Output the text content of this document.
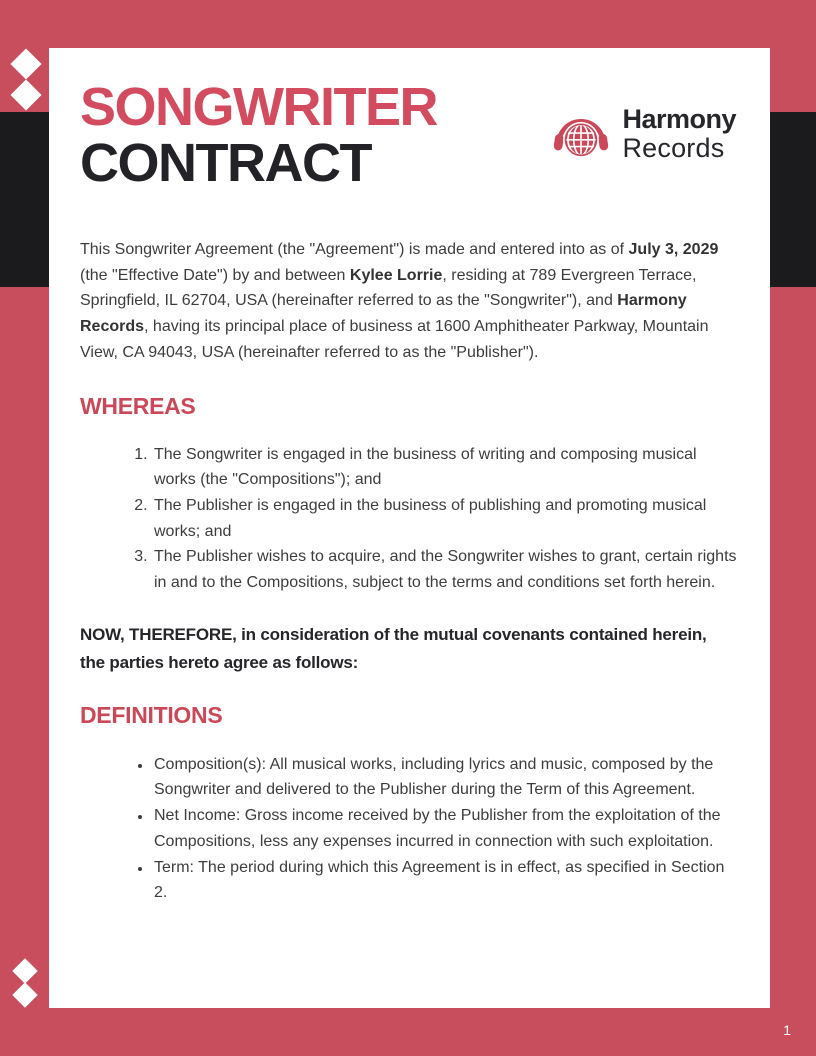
SONGWRITER
CONTRACT
Harmony
Records

This Songwriter Agreement (the "Agreement") is made and entered into as of July 3, 2029 (the "Effective Date") by and between Kylee Lorrie, residing at 789 Evergreen Terrace, Springfield, IL 62704, USA (hereinafter referred to as the "Songwriter"), and Harmony Records, having its principal place of business at 1600 Amphitheater Parkway, Mountain View, CA 94043, USA (hereinafter referred to as the "Publisher").

WHEREAS
1. The Songwriter is engaged in the business of writing and composing musical works (the "Compositions"); and
2. The Publisher is engaged in the business of publishing and promoting musical works; and
3. The Publisher wishes to acquire, and the Songwriter wishes to grant, certain rights in and to the Compositions, subject to the terms and conditions set forth herein.

NOW, THEREFORE, in consideration of the mutual covenants contained herein, the parties hereto agree as follows:

DEFINITIONS
• Composition(s): All musical works, including lyrics and music, composed by the Songwriter and delivered to the Publisher during the Term of this Agreement.
• Net Income: Gross income received by the Publisher from the exploitation of the Compositions, less any expenses incurred in connection with such exploitation.
• Term: The period during which this Agreement is in effect, as specified in Section 2.
1
